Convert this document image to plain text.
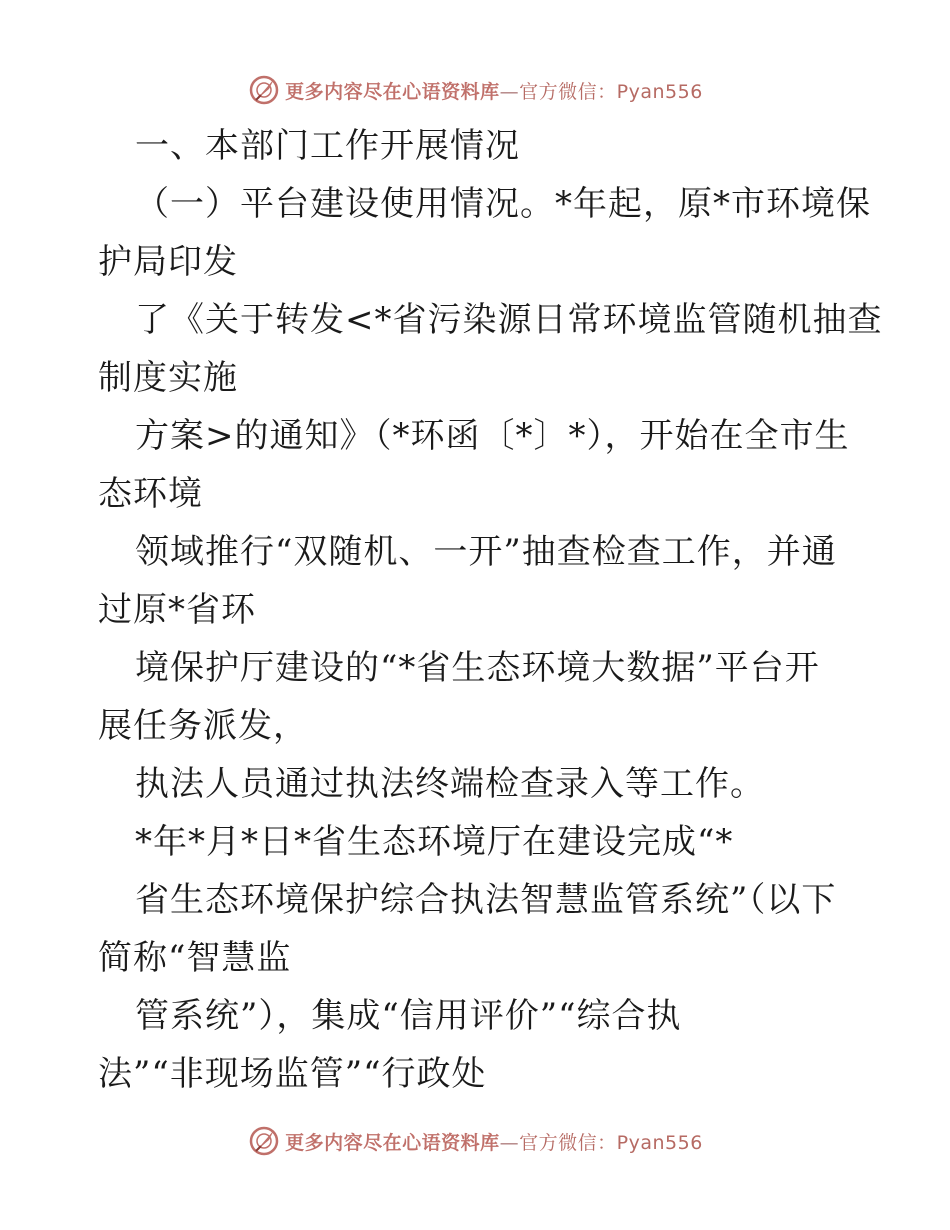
更多内容尽在心语资料库—官方微信：Pyan556
一、本部门工作开展情况
（一）平台建设使用情况。*年起，原*市环境保
护局印发
了《关于转发<*省污染源日常环境监管随机抽查
制度实施
方案>的通知》（*环函〔*〕*），开始在全市生
态环境
领域推行“双随机、一开”抽查检查工作，并通
过原*省环
境保护厅建设的“*省生态环境大数据”平台开
展任务派发，
执法人员通过执法终端检查录入等工作。
*年*月*日*省生态环境厅在建设完成“*
省生态环境保护综合执法智慧监管系统”（以下
简称“智慧监
管系统”），集成“信用评价”“综合执
法”“非现场监管”“行政处
更多内容尽在心语资料库—官方微信：Pyan556
